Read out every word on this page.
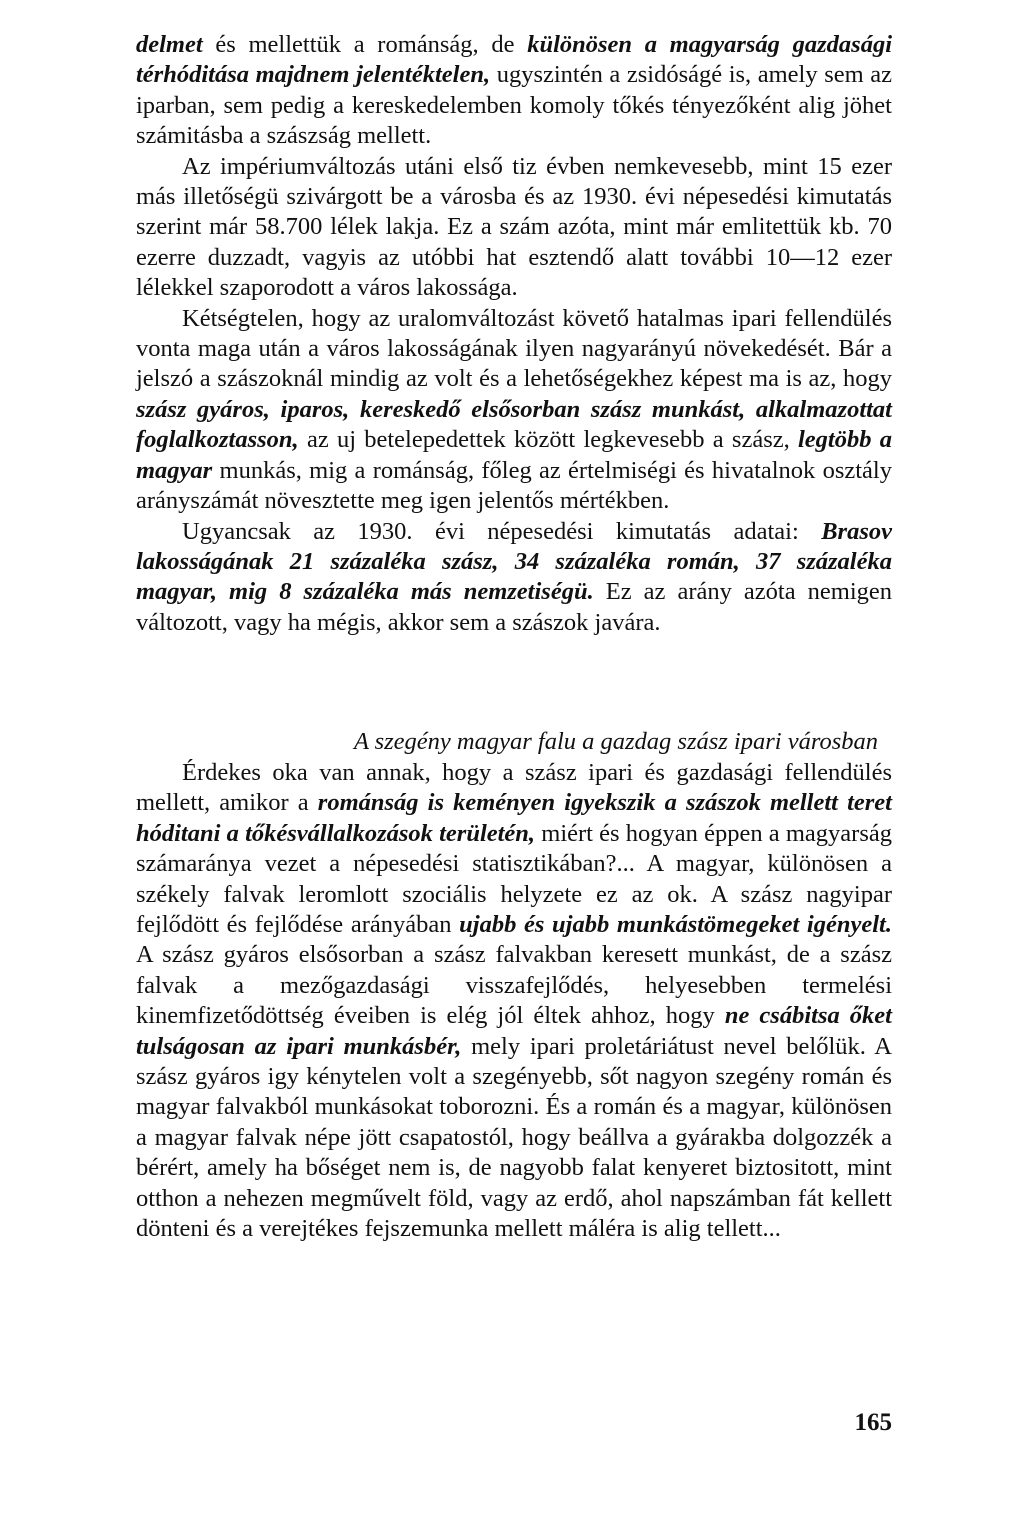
delmet és mellettük a románság, de különösen a magyarság gazdasági térhóditása majdnem jelentéktelen, ugyszintén a zsidóságé is, amely sem az iparban, sem pedig a kereskedelemben komoly tőkés tényezőként alig jöhet számitásba a szászság mellett.

Az impériumváltozás utáni első tiz évben nemkevesebb, mint 15 ezer más illetőségü szivárgott be a városba és az 1930. évi népesedési kimutatás szerint már 58.700 lélek lakja. Ez a szám azóta, mint már emlitettük kb. 70 ezerre duzzadt, vagyis az utóbbi hat esztendő alatt további 10—12 ezer lélekkel szaporodott a város lakossága.

Kétségtelen, hogy az uralomváltozást követő hatalmas ipari fellendülés vonta maga után a város lakosságának ilyen nagyarányú növekedését. Bár a jelszó a szászoknál mindig az volt és a lehetőségekhez képest ma is az, hogy szász gyáros, iparos, kereskedő elsősorban szász munkást, alkalmazottat foglalkoztasson, az uj betelepedettek között legkevesebb a szász, legtöbb a magyar munkás, mig a románság, főleg az értelmiségi és hivatalnok osztály arányszámát növesztette meg igen jelentős mértékben.

Ugyancsak az 1930. évi népesedési kimutatás adatai: Brasov lakosságának 21 százaléka szász, 34 százaléka román, 37 százaléka magyar, mig 8 százaléka más nemzetiségü. Ez az arány azóta nemigen változott, vagy ha mégis, akkor sem a szászok javára.

A szegény magyar falu a gazdag szász ipari városban

Érdekes oka van annak, hogy a szász ipari és gazdasági fellendülés mellett, amikor a románság is keményen igyekszik a szászok mellett teret hóditani a tőkésvállalkozások területén, miért és hogyan éppen a magyarság számaránya vezet a népesedési statisztikában?... A magyar, különösen a székely falvak leromlott szociális helyzete ez az ok. A szász nagyipar fejlődött és fejlődése arányában ujabb és ujabb munkástömegeket igényelt. A szász gyáros elsősorban a szász falvakban keresett munkást, de a szász falvak a mezőgazdasági visszafejlődés, helyesebben termelési kinemfizetődöttség éveiben is elég jól éltek ahhoz, hogy ne csábitsa őket tulságosan az ipari munkásbér, mely ipari proletáriátust nevel belőlük. A szász gyáros igy kénytelen volt a szegényebb, sőt nagyon szegény román és magyar falvakból munkásokat toborozni. És a román és a magyar, különösen a magyar falvak népe jött csapatostól, hogy beállva a gyárakba dolgozzék a bérért, amely ha bőséget nem is, de nagyobb falat kenyeret biztositott, mint otthon a nehezen megművelt föld, vagy az erdő, ahol napszámban fát kellett dönteni és a verejtékes fejszemunka mellett máléra is alig tellett...

165
